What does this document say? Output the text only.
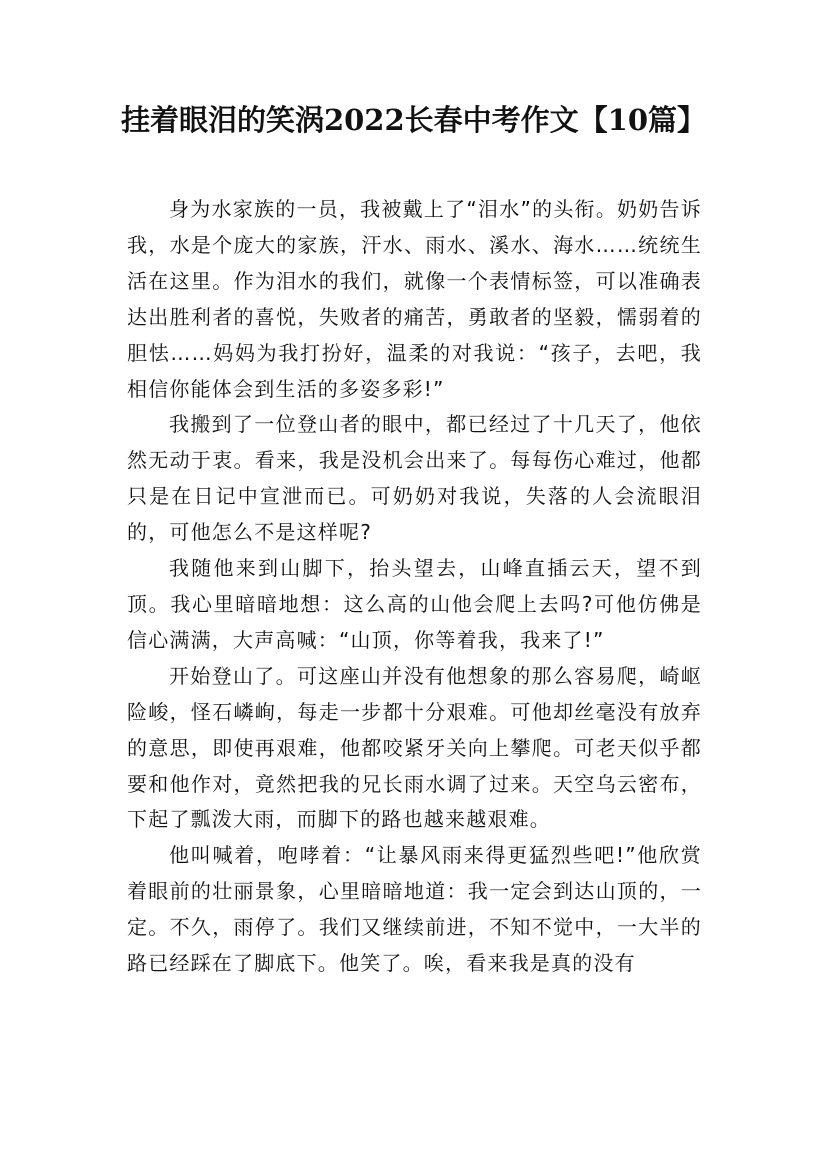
挂着眼泪的笑涡2022长春中考作文【10篇】

身为水家族的一员，我被戴上了“泪水”的头衔。奶奶告诉我，水是个庞大的家族，汗水、雨水、溪水、海水……统统生活在这里。作为泪水的我们，就像一个表情标签，可以准确表达出胜利者的喜悦，失败者的痛苦，勇敢者的坚毅，懦弱着的胆怯……妈妈为我打扮好，温柔的对我说：“孩子，去吧，我相信你能体会到生活的多姿多彩!”

我搬到了一位登山者的眼中，都已经过了十几天了，他依然无动于衷。看来，我是没机会出来了。每每伤心难过，他都只是在日记中宣泄而已。可奶奶对我说，失落的人会流眼泪的，可他怎么不是这样呢?

我随他来到山脚下，抬头望去，山峰直插云天，望不到顶。我心里暗暗地想：这么高的山他会爬上去吗?可他仿佛是信心满满，大声高喊：“山顶，你等着我，我来了!”

开始登山了。可这座山并没有他想象的那么容易爬，崎岖险峻，怪石嶙峋，每走一步都十分艰难。可他却丝毫没有放弃的意思，即使再艰难，他都咬紧牙关向上攀爬。可老天似乎都要和他作对，竟然把我的兄长雨水调了过来。天空乌云密布，下起了瓢泼大雨，而脚下的路也越来越艰难。

他叫喊着，咆哮着：“让暴风雨来得更猛烈些吧!”他欣赏着眼前的壮丽景象，心里暗暗地道：我一定会到达山顶的，一定。不久，雨停了。我们又继续前进，不知不觉中，一大半的路已经踩在了脚底下。他笑了。唉，看来我是真的没有
